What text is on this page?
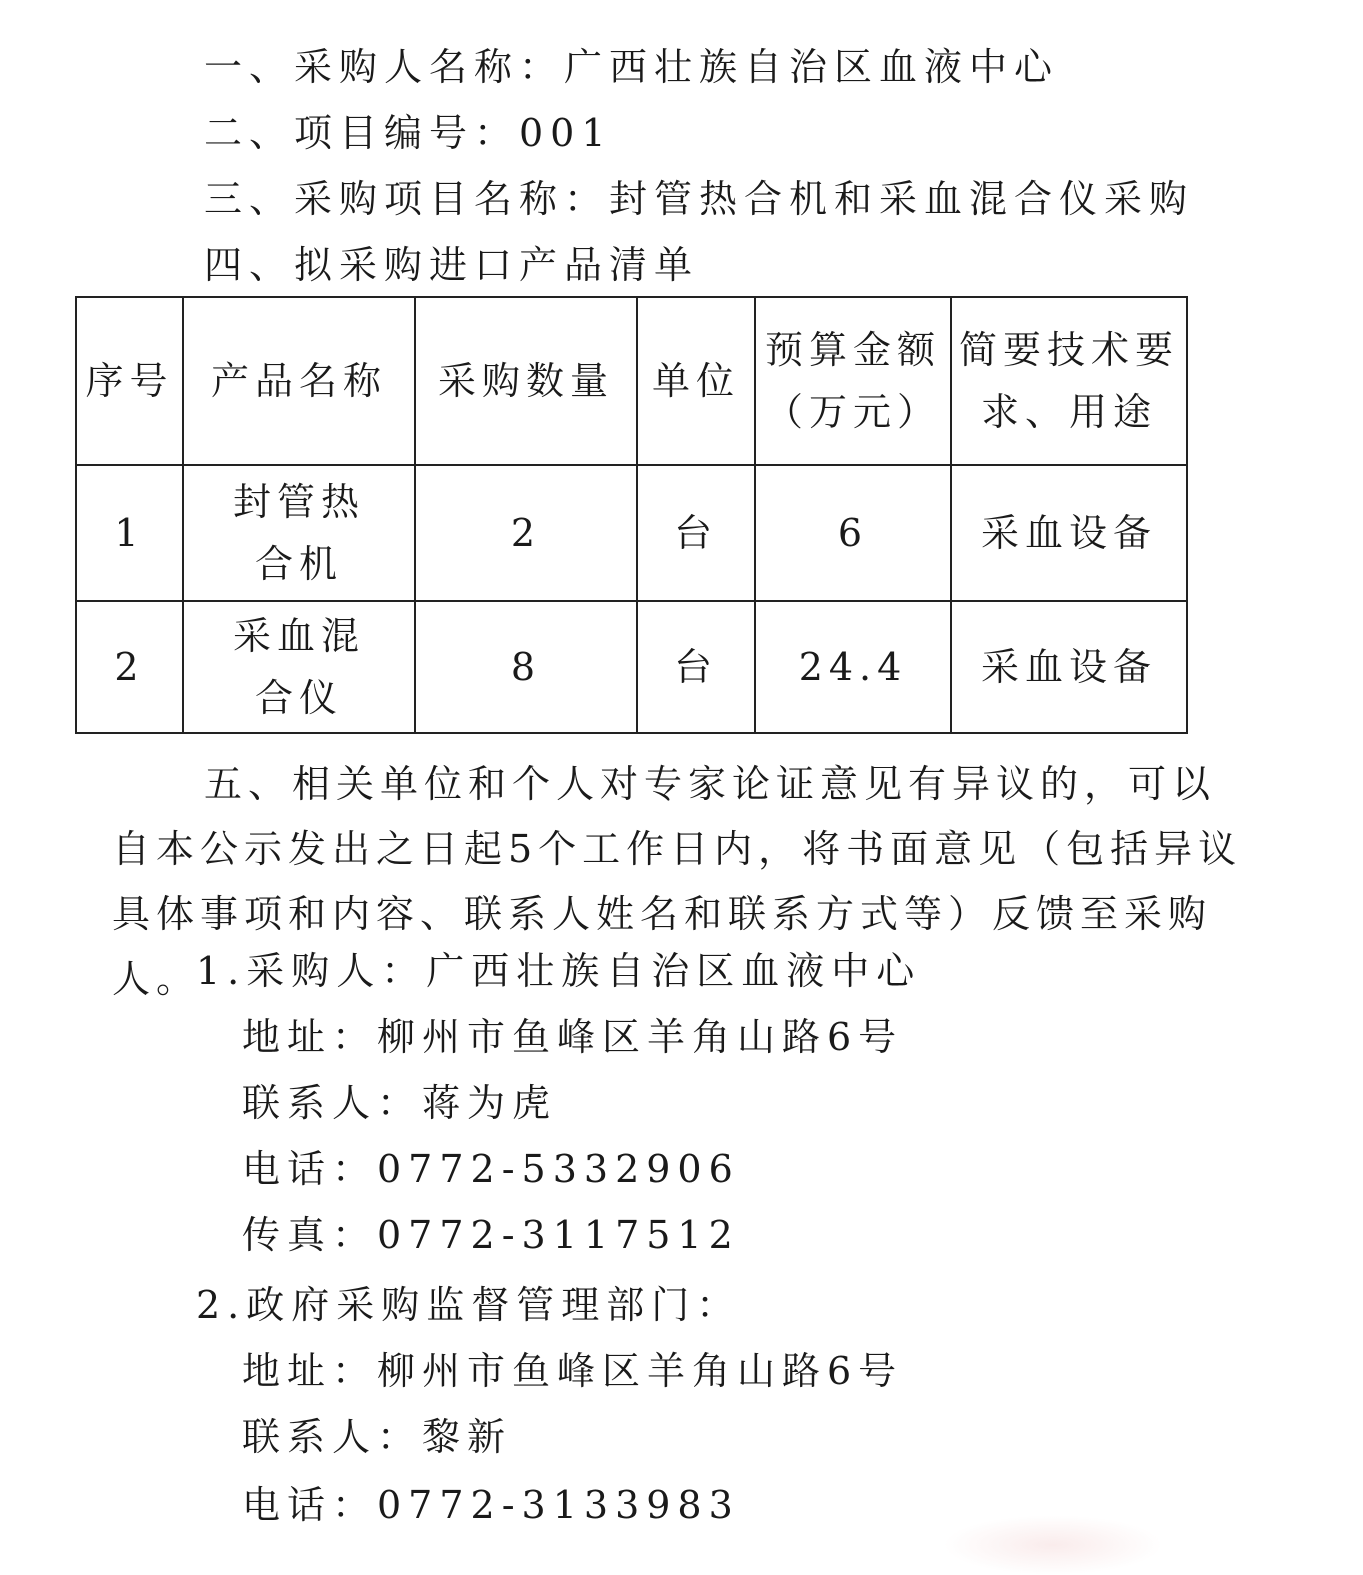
一、采购人名称：广西壮族自治区血液中心
二、项目编号：001
三、采购项目名称：封管热合机和采血混合仪采购
四、拟采购进口产品清单
序号	产品名称	采购数量	单位	预算金额（万元）	简要技术要求、用途
1	封管热合机	2	台	6	采血设备
2	采血混合仪	8	台	24.4	采血设备
五、相关单位和个人对专家论证意见有异议的，可以自本公示发出之日起5个工作日内，将书面意见（包括异议具体事项和内容、联系人姓名和联系方式等）反馈至采购人。
1.采购人：广西壮族自治区血液中心
地址：柳州市鱼峰区羊角山路6号
联系人：蒋为虎
电话：0772-5332906
传真：0772-3117512
2.政府采购监督管理部门：
地址：柳州市鱼峰区羊角山路6号
联系人：黎新
电话：0772-3133983
